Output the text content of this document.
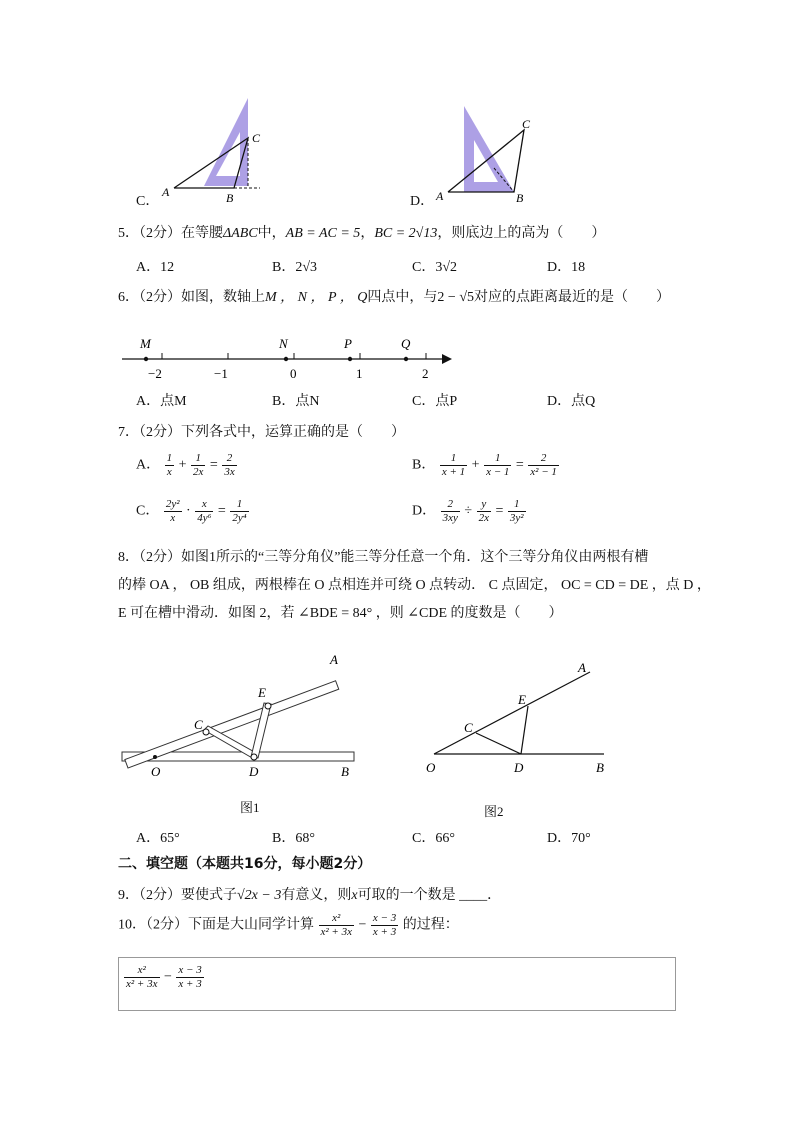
C．
A	B
C
D． A	B
C
5．（2分）在等腰ΔABC中，AB = AC = 5，BC = 2√13，则底边上的高为（　　）
A．12	B．2√3	C．3√2	D．18
6．（2分）如图，数轴上M ， N ， P ， Q四点中，与2 − √5对应的点距离最近的是（　　）
−2	−1	0	1	2
M	N	P	Q
A．点M	B．点N	C．点P	D．点Q
7．（2分）下列各式中，运算正确的是（　　）
A． $\frac{1}{x} + \frac{1}{2x} = \frac{2}{3x}$	B． $\frac{1}{x + 1} + \frac{1}{x - 1} = \frac{2}{\text{x² − 1}}$
C． $\frac{\text{2y²}}{x} \cdot \frac{x}{\text{4y⁶}} = \frac{1}{\text{2y⁴}}$	D． $\frac{2}{3xy} \div \frac{y}{2x} = \frac{1}{\text{3y²}}$
8．（2分）如图1所示的“三等分角仪”能三等分任意一个角．这个三等分角仪由两根有槽
的棒 OA ， OB 组成，两根棒在 O 点相连并可绕 O 点转动． C 点固定， OC = CD = DE ，点 D ，
E 可在槽中滑动．如图 2，若 ∠BDE = 84° ，则 ∠CDE 的度数是（　　）
A
E
C
O	D	B
图1
A
E
C
O	D	B
图2
A．65°	B．68°	C．66°	D．70°
二、填空题（本题共16分，每小题2分）
9．（2分）要使式子√2x − 3有意义，则x可取的一个数是 ____．
10．（2分）下面是大山同学计算 $\frac{\text{x²}}{\text{x² + 3x}} - \frac{x - 3}{x + 3}$ 的过程：
$\frac{\text{x²}}{\text{x² + 3x}} - \frac{x - 3}{x + 3}$
